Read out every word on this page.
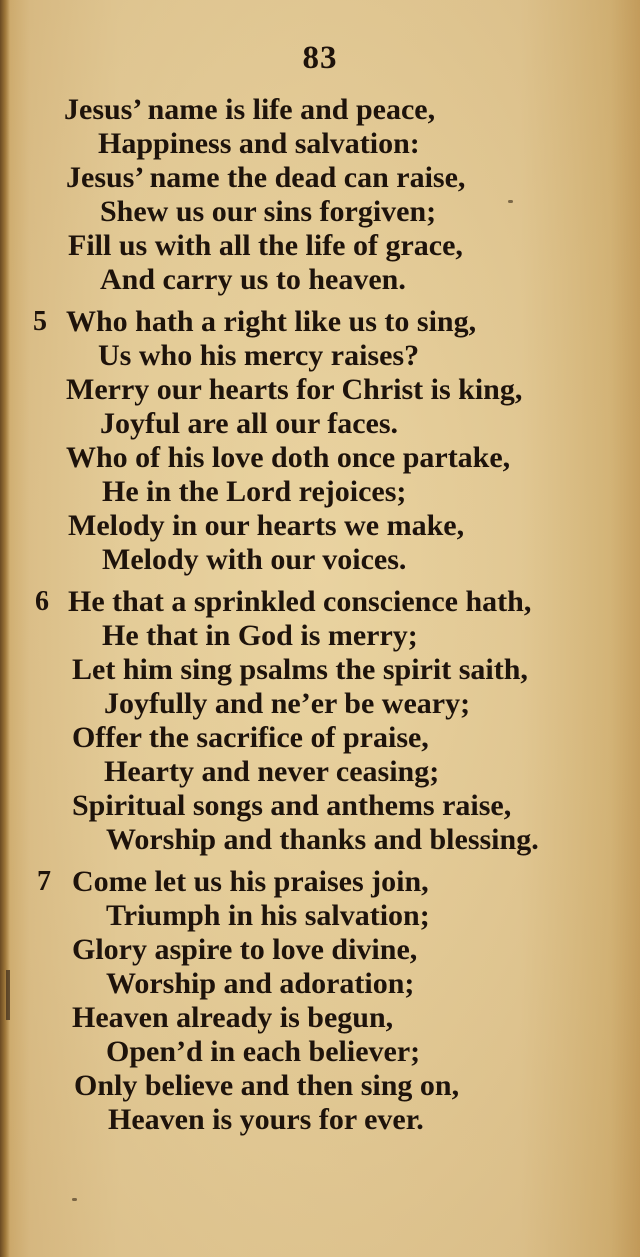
83
Jesus’ name is life and peace,
Happiness and salvation:
Jesus’ name the dead can raise,
Shew us our sins forgiven;
Fill us with all the life of grace,
And carry us to heaven.
5 Who hath a right like us to sing,
Us who his mercy raises?
Merry our hearts for Christ is king,
Joyful are all our faces.
Who of his love doth once partake,
He in the Lord rejoices;
Melody in our hearts we make,
Melody with our voices.
6 He that a sprinkled conscience hath,
He that in God is merry;
Let him sing psalms the spirit saith,
Joyfully and ne’er be weary;
Offer the sacrifice of praise,
Hearty and never ceasing;
Spiritual songs and anthems raise,
Worship and thanks and blessing.
7 Come let us his praises join,
Triumph in his salvation;
Glory aspire to love divine,
Worship and adoration;
Heaven already is begun,
Open’d in each believer;
Only believe and then sing on,
Heaven is yours for ever.
